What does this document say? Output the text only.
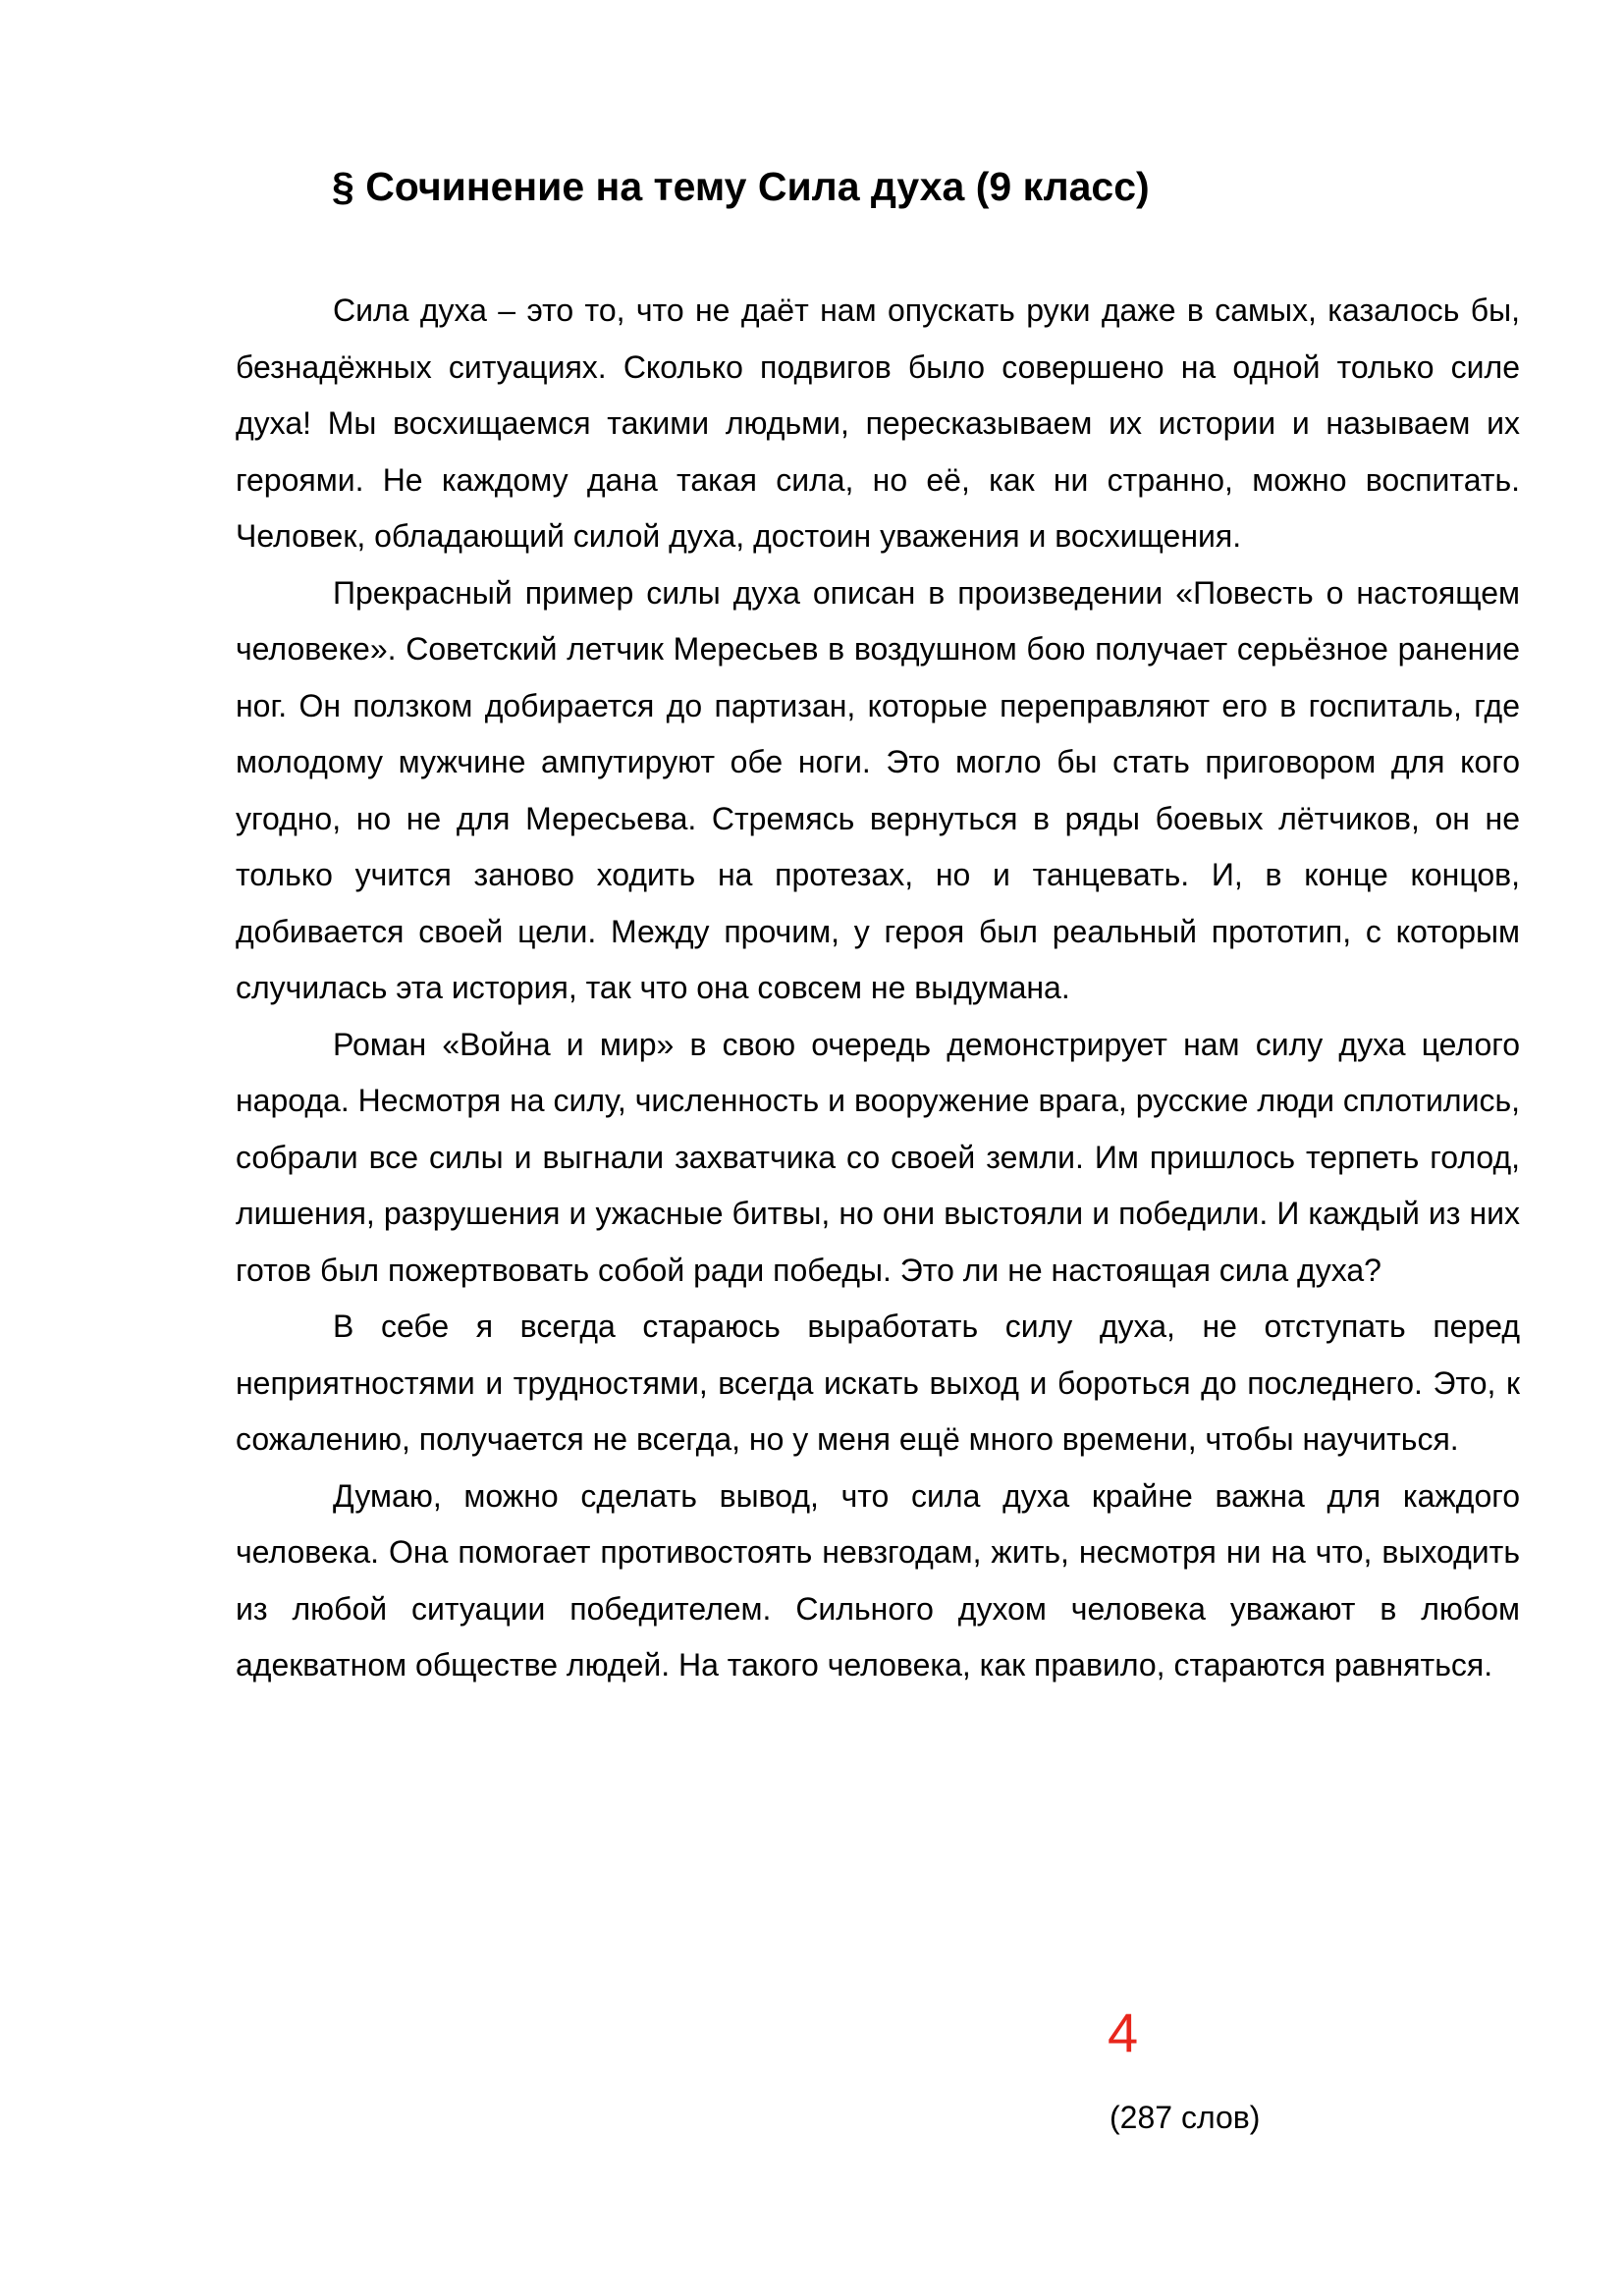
§ Сочинение на тему Сила духа (9 класс)

Сила духа – это то, что не даёт нам опускать руки даже в самых, казалось бы, безнадёжных ситуациях. Сколько подвигов было совершено на одной только силе духа! Мы восхищаемся такими людьми, пересказываем их истории и называем их героями. Не каждому дана такая сила, но её, как ни странно, можно воспитать. Человек, обладающий силой духа, достоин уважения и восхищения.

Прекрасный пример силы духа описан в произведении «Повесть о настоящем человеке». Советский летчик Мересьев в воздушном бою получает серьёзное ранение ног. Он ползком добирается до партизан, которые переправляют его в госпиталь, где молодому мужчине ампутируют обе ноги. Это могло бы стать приговором для кого угодно, но не для Мересьева. Стремясь вернуться в ряды боевых лётчиков, он не только учится заново ходить на протезах, но и танцевать. И, в конце концов, добивается своей цели. Между прочим, у героя был реальный прототип, с которым случилась эта история, так что она совсем не выдумана.

Роман «Война и мир» в свою очередь демонстрирует нам силу духа целого народа. Несмотря на силу, численность и вооружение врага, русские люди сплотились, собрали все силы и выгнали захватчика со своей земли. Им пришлось терпеть голод, лишения, разрушения и ужасные битвы, но они выстояли и победили. И каждый из них готов был пожертвовать собой ради победы. Это ли не настоящая сила духа?

В себе я всегда стараюсь выработать силу духа, не отступать перед неприятностями и трудностями, всегда искать выход и бороться до последнего. Это, к сожалению, получается не всегда, но у меня ещё много времени, чтобы научиться.

Думаю, можно сделать вывод, что сила духа крайне важна для каждого человека. Она помогает противостоять невзгодам, жить, несмотря ни на что, выходить из любой ситуации победителем. Сильного духом человека уважают в любом адекватном обществе людей. На такого человека, как правило, стараются равняться.

4
(287 слов)
